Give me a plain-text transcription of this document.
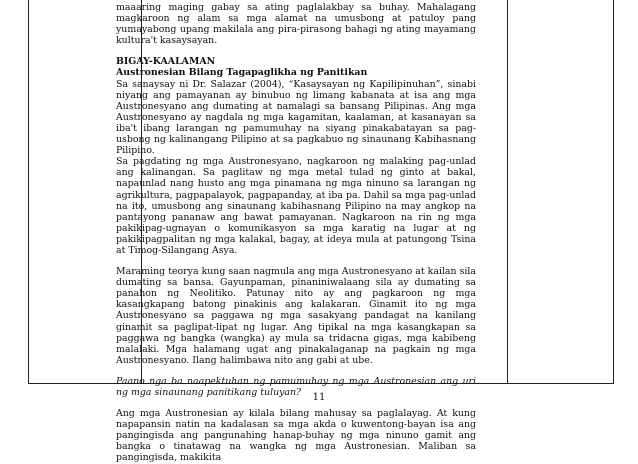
maaaring maging gabay sa ating paglalakbay sa buhay. Mahalagang magkaroon ng alam sa mga alamat na umusbong at patuloy pang yumayabong upang makilala ang pira-pirasong bahagi ng ating mayamang kultura't kasaysayan.

BIGAY-KAALAMAN

Austronesian Bilang Tagapaglikha ng Panitikan

Sa sanaysay ni Dr. Salazar (2004), “Kasaysayan ng Kapilipinuhan”, sinabi niyang ang pamayanan ay binubuo ng limang kabanata at isa ang mga Austronesyano ang dumating at namalagi sa bansang Pilipinas. Ang mga Austronesyano ay nagdala ng mga kagamitan, kaalaman, at kasanayan sa iba't ibang larangan ng pamumuhay na siyang pinakabatayan sa pag-usbong ng kalinangang Pilipino at sa pagkabuo ng sinaunang Kabihasnang Pilipino.

Sa pagdating ng mga Austronesyano, nagkaroon ng malaking pag-unlad ang kalinangan. Sa paglitaw ng mga metal tulad ng ginto at bakal, napaunlad nang husto ang mga pinamana ng mga ninuno sa larangan ng agrikultura, pagpapalayok, pagpapanday, at iba pa. Dahil sa mga pag-unlad na ito, umusbong ang sinaunang kabihasnang Pilipino na may angkop na pantayong pananaw ang bawat pamayanan. Nagkaroon na rin ng mga pakikipag-ugnayan o komunikasyon sa mga karatig na lugar at ng pakikipagpalitan ng mga kalakal, bagay, at ideya mula at patungong Tsina at Timog-Silangang Asya.

Maraming teorya kung saan nagmula ang mga Austronesyano at kailan sila dumating sa bansa. Gayunpaman, pinaniniwalaang sila ay dumating sa panahon ng Neolitiko. Patunay nito ay ang pagkaroon ng mga kasangkapang batong pinakinis ang kalakaran. Ginamit ito ng mga Austronesyano sa paggawa ng mga sasakyang pandagat na kanilang ginamit sa paglipat-lipat ng lugar. Ang tipikal na mga kasangkapan sa paggawa ng bangka (wangka) ay mula sa tridacna gigas, mga kabibeng malalaki. Mga halamang ugat ang pinakalaganap na pagkain ng mga Austronesyano. Ilang halimbawa nito ang gabi at ube.

Paano nga ba naapektuhan ng pamumuhay ng mga Austronesian ang uri ng mga sinaunang panitikang tuluyan?

Ang mga Austronesian ay kilala bilang mahusay sa paglalayag. At kung napapansin natin na kadalasan sa mga akda o kuwentong-bayan isa ang pangingisda ang pangunahing hanap-buhay ng mga ninuno gamit ang bangka o tinatawag na wangka ng mga Austronesian. Maliban sa pangingisda, makikita

11
